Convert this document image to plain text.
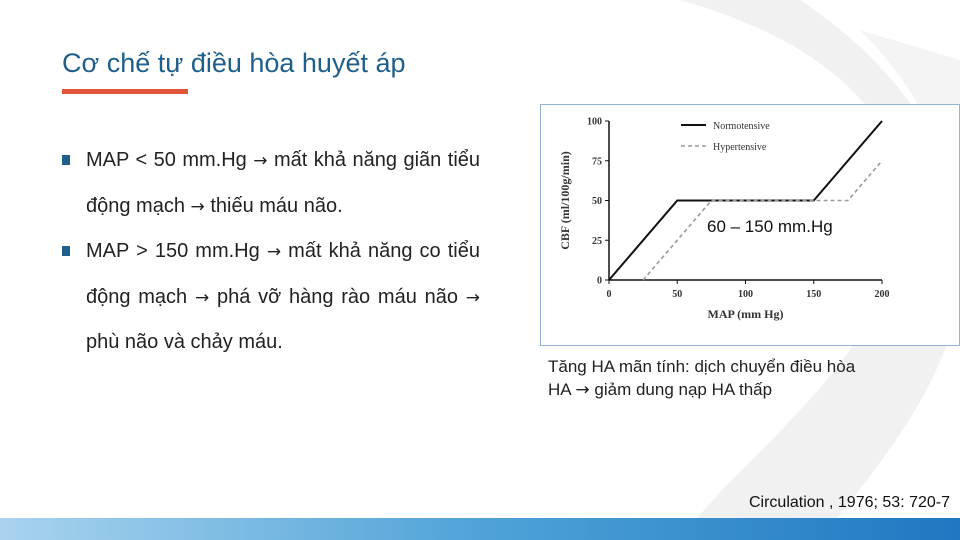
Cơ chế tự điều hòa huyết áp
MAP < 50 mm.Hg → mất khả năng giãn tiểu động mạch → thiếu máu não.
MAP > 150 mm.Hg → mất khả năng co tiểu động mạch → phá vỡ hàng rào máu não → phù não và chảy máu.
0
25
50
75
100
0	50	100	150	200
MAP (mm Hg)
CBF (ml/100g/min)
Normotensive
Hypertensive
60 – 150 mm.Hg
Tăng HA mãn tính: dịch chuyển điều hòa
HA → giảm dung nạp HA thấp
Circulation , 1976; 53: 720-7
